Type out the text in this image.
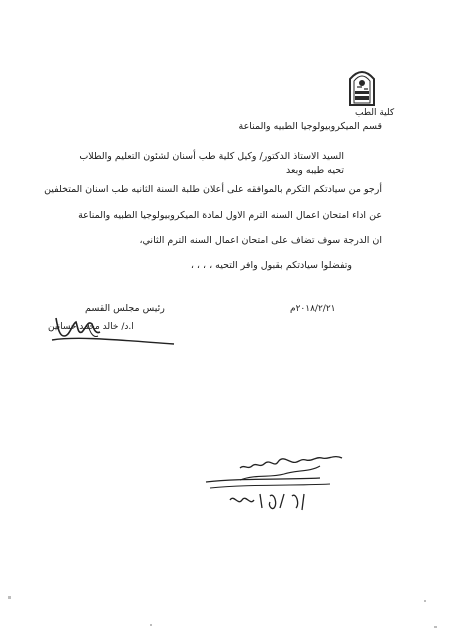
كلية الطب
قسم الميكروبيولوجيا الطبيه والمناعة
السيد الاستاذ الدكتور/ وكيل كلية طب أسنان لشئون التعليم والطلاب
تحيه طيبه وبعد
أرجو من سيادتكم التكرم بالموافقه على أعلان طلبة السنة الثانيه طب اسنان المتخلفين
عن اداء امتحان اعمال السنه الترم الاول لمادة الميكروبيولوجيا الطبيه والمناعة
ان الدرجة سوف تضاف على امتحان اعمال السنه الترم الثاني،
وتفضلوا سيادتكم بقبول وافر التحيه ، ، ، ،
٢٠١٨/٢/٢١م
رئيس مجلس القسم
ا.د/ خالد محمد حسانين
